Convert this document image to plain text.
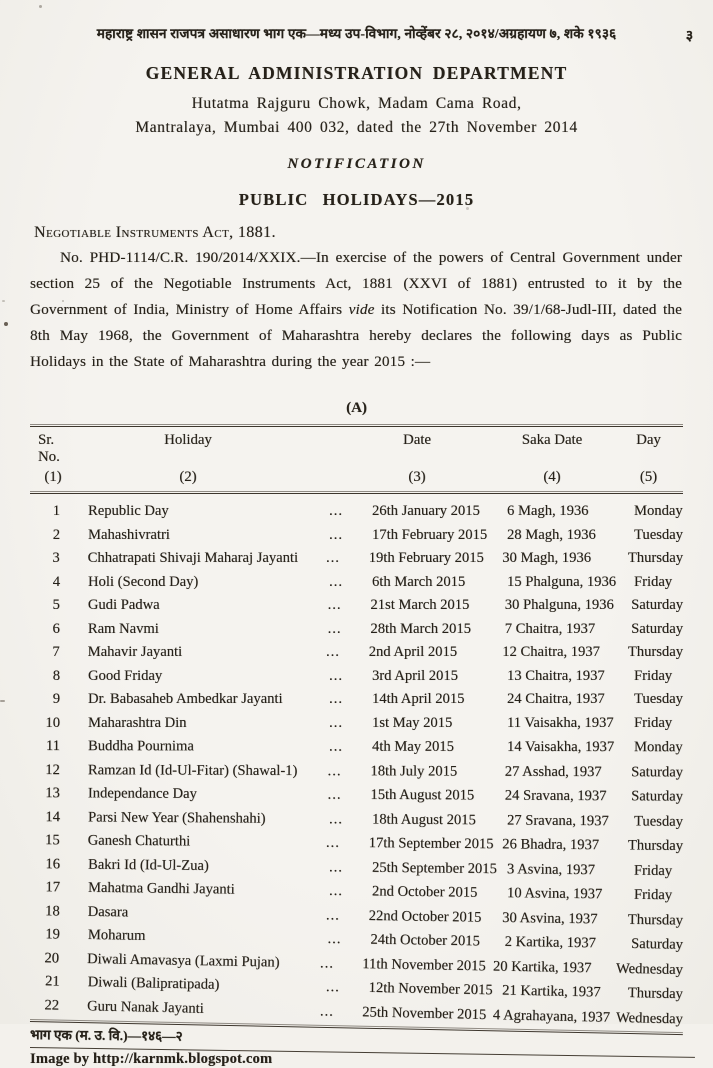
महाराष्ट्र शासन राजपत्र असाधारण भाग एक—मध्य उप-विभाग, नोव्हेंबर २८, २०१४/अग्रहायण ७, शके १९३६	३
GENERAL ADMINISTRATION DEPARTMENT
Hutatma Rajguru Chowk, Madam Cama Road,
Mantralaya, Mumbai 400 032, dated the 27th November 2014
NOTIFICATION
PUBLIC HOLIDAYS—2015
Negotiable Instruments Act, 1881.

No. PHD-1114/C.R. 190/2014/XXIX.—In exercise of the powers of Central Government under section 25 of the Negotiable Instruments Act, 1881 (XXVI of 1881) entrusted to it by the Government of India, Ministry of Home Affairs vide its Notification No. 39/1/68-Judl-III, dated the 8th May 1968, the Government of Maharashtra hereby declares the following days as Public Holidays in the State of Maharashtra during the year 2015 :—

(A)
Sr. No.
Holiday	Date	Saka Date	Day
(1)	(2)	(3)	(4)	(5)
1	Republic Day	...	26th January 2015	6 Magh, 1936	Monday
2	Mahashivratri	...	17th February 2015	28 Magh, 1936	Tuesday
3	Chhatrapati Shivaji Maharaj Jayanti	...	19th February 2015	30 Magh, 1936	Thursday
4	Holi (Second Day)	...	6th March 2015	15 Phalguna, 1936	Friday
5	Gudi Padwa	...	21st March 2015	30 Phalguna, 1936	Saturday
6	Ram Navmi	...	28th March 2015	7 Chaitra, 1937	Saturday
7	Mahavir Jayanti	...	2nd April 2015	12 Chaitra, 1937	Thursday
8	Good Friday	...	3rd April 2015	13 Chaitra, 1937	Friday
9	Dr. Babasaheb Ambedkar Jayanti	...	14th April 2015	24 Chaitra, 1937	Tuesday
10	Maharashtra Din	...	1st May 2015	11 Vaisakha, 1937	Friday
11	Buddha Pournima	...	4th May 2015	14 Vaisakha, 1937	Monday
12	Ramzan Id (Id-Ul-Fitar) (Shawal-1)	...	18th July 2015	27 Asshad, 1937	Saturday
13	Independance Day	...	15th August 2015	24 Sravana, 1937	Saturday
14	Parsi New Year (Shahenshahi)	...	18th August 2015	27 Sravana, 1937	Tuesday
15	Ganesh Chaturthi	...	17th September 2015 26 Bhadra, 1937	Thursday
16	Bakri Id (Id-Ul-Zua)	...	25th September 2015 3 Asvina, 1937	Friday
17	Mahatma Gandhi Jayanti	...	2nd October 2015	10 Asvina, 1937	Friday
18	Dasara	...	22nd October 2015	30 Asvina, 1937	Thursday
19	Moharum	...	24th October 2015	2 Kartika, 1937	Saturday
20	Diwali Amavasya (Laxmi Pujan)	...	11th November 2015 20 Kartika, 1937	Wednesday
21	Diwali (Balipratipada)	...	12th November 2015 21 Kartika, 1937	Thursday
22	Guru Nanak Jayanti	...	25th November 2015 4 Agrahayana, 1937 Wednesday
भाग एक (म. उ. वि.)—१४६—२
Image by http://karnmk.blogspot.com
